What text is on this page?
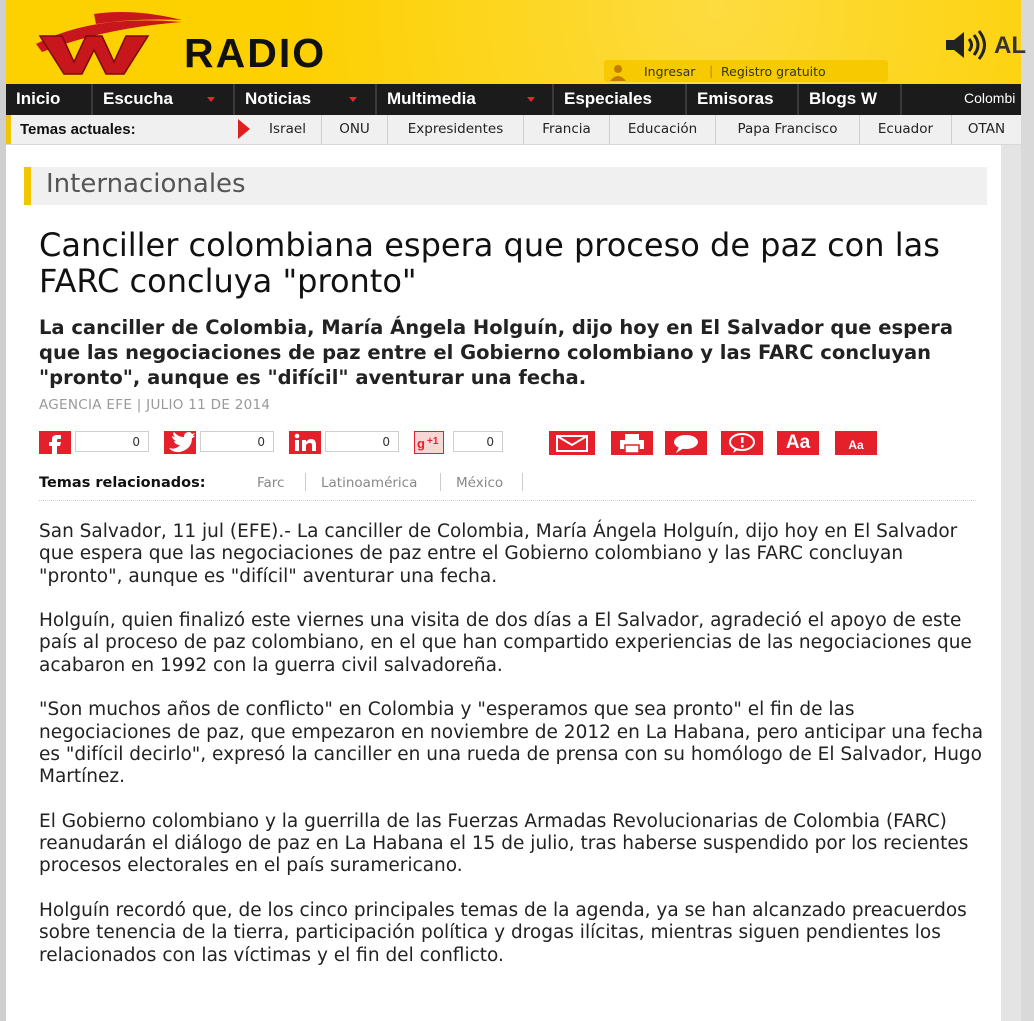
RADIO	Ingresar | Registro gratuito
AL
Inicio	Escucha	Noticias	Multimedia	Especiales	Emisoras	Blogs W	Colombi
Temas actuales:	Israel	ONU	Expresidentes	Francia	Educación	Papa Francisco	Ecuador	OTAN
Internacionales
Canciller colombiana espera que proceso de paz con las FARC concluya "pronto"

La canciller de Colombia, María Ángela Holguín, dijo hoy en El Salvador que espera que las negociaciones de paz entre el Gobierno colombiano y las FARC concluyan "pronto", aunque es "difícil" aventurar una fecha.

AGENCIA EFE | JULIO 11 DE 2014
0	0	0	g +1	0	Aa	Aa
Temas relacionados:	Farc	Latinoamérica	México

San Salvador, 11 jul (EFE).- La canciller de Colombia, María Ángela Holguín, dijo hoy en El Salvador que espera que las negociaciones de paz entre el Gobierno colombiano y las FARC concluyan "pronto", aunque es "difícil" aventurar una fecha.

Holguín, quien finalizó este viernes una visita de dos días a El Salvador, agradeció el apoyo de este país al proceso de paz colombiano, en el que han compartido experiencias de las negociaciones que acabaron en 1992 con la guerra civil salvadoreña.

"Son muchos años de conflicto" en Colombia y "esperamos que sea pronto" el fin de las negociaciones de paz, que empezaron en noviembre de 2012 en La Habana, pero anticipar una fecha es "difícil decirlo", expresó la canciller en una rueda de prensa con su homólogo de El Salvador, Hugo Martínez.

El Gobierno colombiano y la guerrilla de las Fuerzas Armadas Revolucionarias de Colombia (FARC) reanudarán el diálogo de paz en La Habana el 15 de julio, tras haberse suspendido por los recientes procesos electorales en el país suramericano.

Holguín recordó que, de los cinco principales temas de la agenda, ya se han alcanzado preacuerdos sobre tenencia de la tierra, participación política y drogas ilícitas, mientras siguen pendientes los relacionados con las víctimas y el fin del conflicto.
